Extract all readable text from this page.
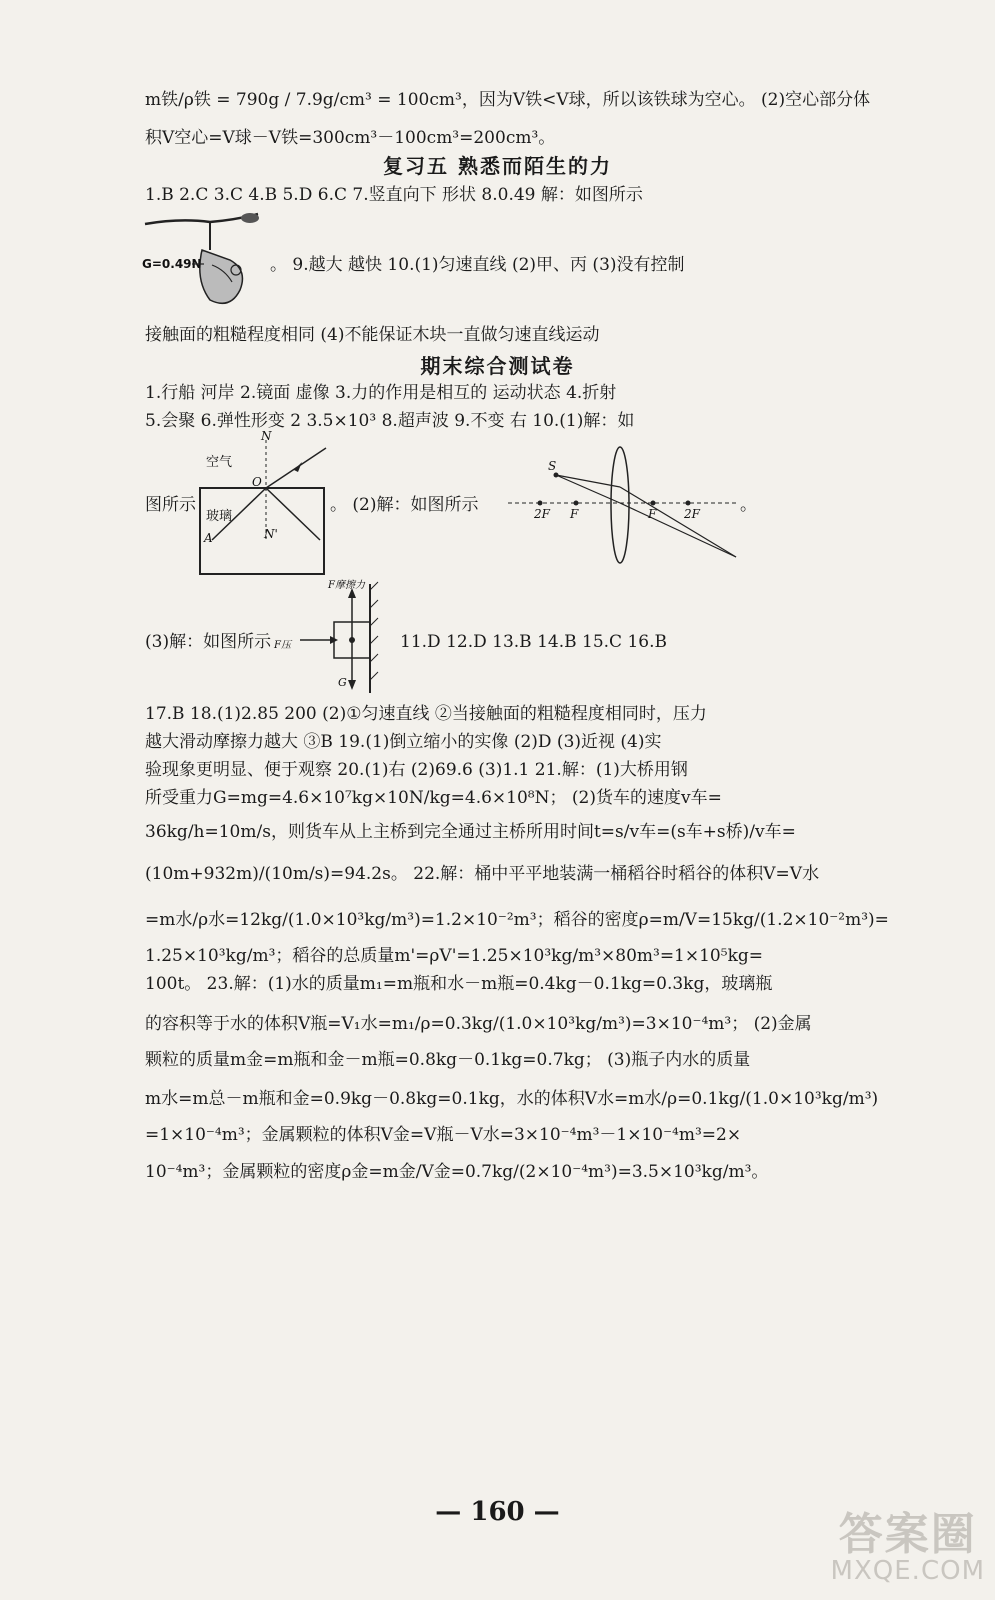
m铁/ρ铁 = 790g / 7.9g/cm³ = 100cm³，因为V铁<V球，所以该铁球为空心。 (2)空心部分体
积V空心=V球－V铁=300cm³－100cm³=200cm³。
复习五 熟悉而陌生的力
1.B 2.C 3.C 4.B 5.D 6.C 7.竖直向下 形状 8.0.49 解：如图所示
G=0.49N	。 9.越大 越快 10.(1)匀速直线 (2)甲、丙 (3)没有控制
接触面的粗糙程度相同 (4)不能保证木块一直做匀速直线运动
期末综合测试卷
1.行船 河岸 2.镜面 虚像 3.力的作用是相互的 运动状态 4.折射
5.会聚 6.弹性形变 2 3.5×10³ 8.超声波 9.不变 右 10.(1)解：如
图所示
N
空气
O
玻璃
N'
A
。 (2)解：如图所示
S
2F F	F 2F 。
(3)解：如图所示
F摩擦力
F压
G
11.D 12.D 13.B 14.B 15.C 16.B
17.B 18.(1)2.85 200 (2)①匀速直线 ②当接触面的粗糙程度相同时，压力
越大滑动摩擦力越大 ③B 19.(1)倒立缩小的实像 (2)D (3)近视 (4)实
验现象更明显、便于观察 20.(1)右 (2)69.6 (3)1.1 21.解：(1)大桥用钢
所受重力G=mg=4.6×10⁷kg×10N/kg=4.6×10⁸N； (2)货车的速度v车=
36kg/h=10m/s，则货车从上主桥到完全通过主桥所用时间t=s/v车=(s车+s桥)/v车=
(10m+932m)/(10m/s)=94.2s。 22.解：桶中平平地装满一桶稻谷时稻谷的体积V=V水
=m水/ρ水=12kg/(1.0×10³kg/m³)=1.2×10⁻²m³；稻谷的密度ρ=m/V=15kg/(1.2×10⁻²m³)=
1.25×10³kg/m³；稻谷的总质量m'=ρV'=1.25×10³kg/m³×80m³=1×10⁵kg=
100t。 23.解：(1)水的质量m₁=m瓶和水－m瓶=0.4kg－0.1kg=0.3kg，玻璃瓶
的容积等于水的体积V瓶=V₁水=m₁/ρ=0.3kg/(1.0×10³kg/m³)=3×10⁻⁴m³； (2)金属
颗粒的质量m金=m瓶和金－m瓶=0.8kg－0.1kg=0.7kg； (3)瓶子内水的质量
m水=m总－m瓶和金=0.9kg－0.8kg=0.1kg，水的体积V水=m水/ρ=0.1kg/(1.0×10³kg/m³)
=1×10⁻⁴m³；金属颗粒的体积V金=V瓶－V水=3×10⁻⁴m³－1×10⁻⁴m³=2×
10⁻⁴m³；金属颗粒的密度ρ金=m金/V金=0.7kg/(2×10⁻⁴m³)=3.5×10³kg/m³。
— 160 —	答案圈
MXQE.COM
